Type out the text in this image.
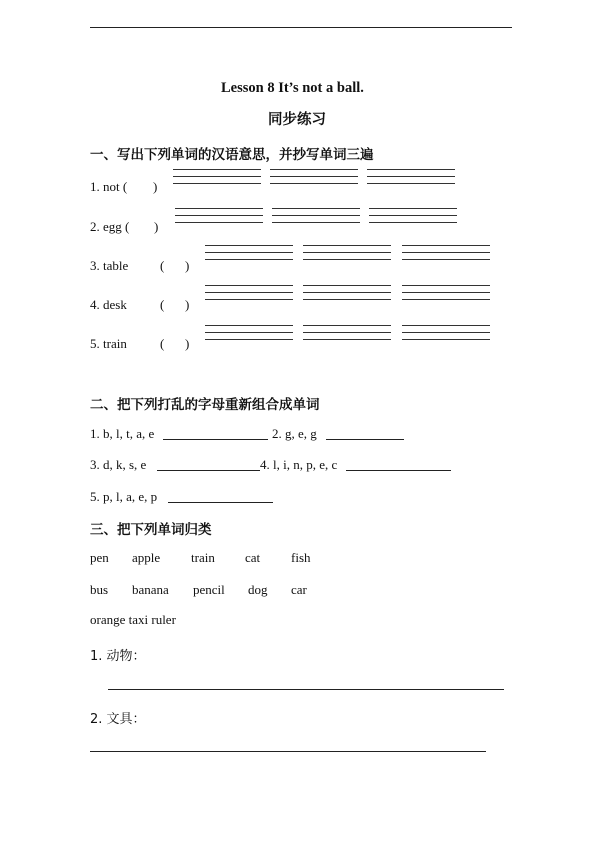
Lesson 8 It’s not a ball.
同步练习
一、写出下列单词的汉语意思，并抄写单词三遍
1. not ( )
2. egg ( )
3. table ( )
4. desk	( )
5. train	( )
二、把下列打乱的字母重新组合成单词
1. b, l, t, a, e	2. g, e, g
3. d, k, s, e	4. l, i, n, p, e, c
5. p, l, a, e, p
三、把下列单词归类
pen apple train cat fish
bus banana pencil dog car
orange taxi ruler
1. 动物：
2. 文具：
